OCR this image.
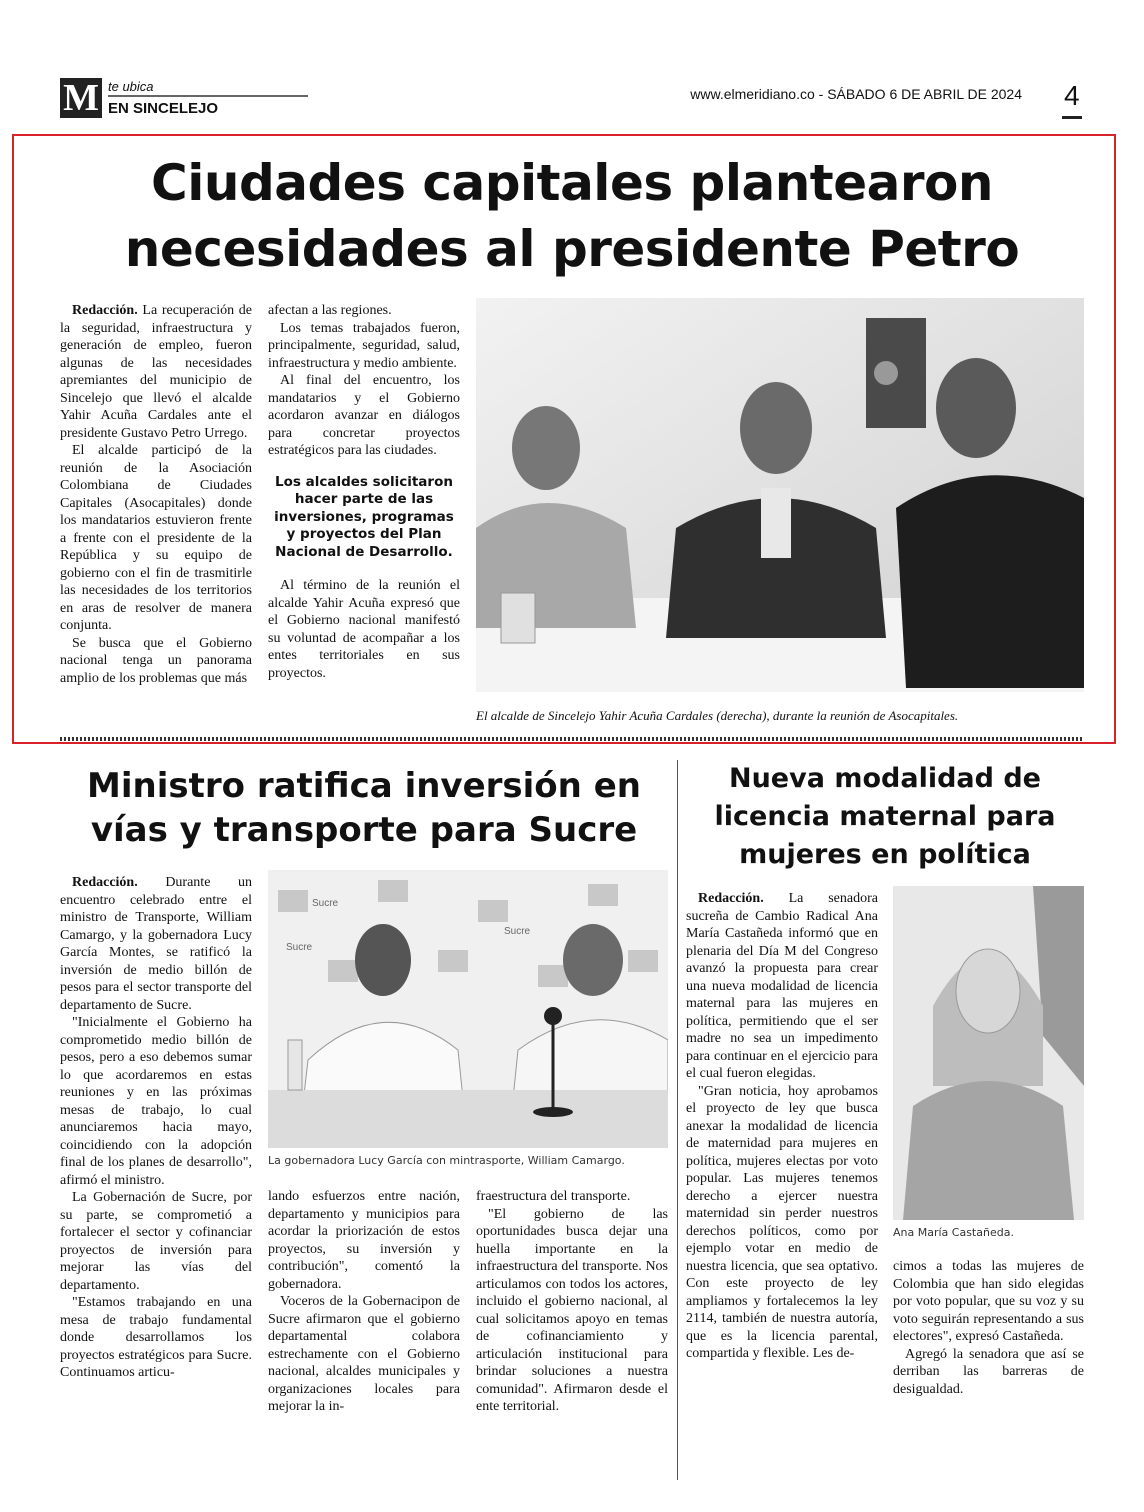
M te ubica
EN SINCELEJO
www.elmeridiano.co - SÁBADO 6 DE ABRIL DE 2024 4
Ciudades capitales plantearon
necesidades al presidente Petro

Redacción. La recuperación de la seguridad, infraestructura y generación de empleo, fueron algunas de las necesidades apremiantes del municipio de Sincelejo que llevó el alcalde Yahir Acuña Cardales ante el presidente Gustavo Petro Urrego.

El alcalde participó de la reunión de la Asociación Colombiana de Ciudades Capitales (Asocapitales) donde los mandatarios estuvieron frente a frente con el presidente de la República y su equipo de gobierno con el fin de trasmitirle las necesidades de los territorios en aras de resolver de manera conjunta.

Se busca que el Gobierno nacional tenga un panorama amplio de los problemas que más

afectan a las regiones.

Los temas trabajados fueron, principalmente, seguridad, salud, infraestructura y medio ambiente.

Al final del encuentro, los mandatarios y el Gobierno acordaron avanzar en diálogos para concretar proyectos estratégicos para las ciudades.

Los alcaldes solicitaron hacer parte de las inversiones, programas y proyectos del Plan Nacional de Desarrollo.

Al término de la reunión el alcalde Yahir Acuña expresó que el Gobierno nacional manifestó su voluntad de acompañar a los entes territoriales en sus proyectos.

El alcalde de Sincelejo Yahir Acuña Cardales (derecha), durante la reunión de Asocapitales.
Ministro ratifica inversión en
vías y transporte para Sucre

Redacción. Durante un encuentro celebrado entre el ministro de Transporte, William Camargo, y la gobernadora Lucy García Montes, se ratificó la inversión de medio billón de pesos para el sector transporte del departamento de Sucre.

"Inicialmente el Gobierno ha comprometido medio billón de pesos, pero a eso debemos sumar lo que acordaremos en estas reuniones y en las próximas mesas de trabajo, lo cual anunciaremos hacia mayo, coincidiendo con la adopción final de los planes de desarrollo", afirmó el ministro.

La Gobernación de Sucre, por su parte, se comprometió a fortalecer el sector y cofinanciar proyectos de inversión para mejorar las vías del departamento.

"Estamos trabajando en una mesa de trabajo fundamental donde desarrollamos los proyectos estratégicos para Sucre. Continuamos articu-

Sucre
Sucre
Sucre
La gobernadora Lucy García con mintrasporte, William Camargo.

lando esfuerzos entre nación, departamento y municipios para acordar la priorización de estos proyectos, su inversión y contribución", comentó la gobernadora.

Voceros de la Gobernacipon de Sucre afirmaron que el gobierno departamental colabora estrechamente con el Gobierno nacional, alcaldes municipales y organizaciones locales para mejorar la in-

fraestructura del transporte.

"El gobierno de las oportunidades busca dejar una huella importante en la infraestructura del transporte. Nos articulamos con todos los actores, incluido el gobierno nacional, al cual solicitamos apoyo en temas de cofinanciamiento y articulación institucional para brindar soluciones a nuestra comunidad". Afirmaron desde el ente territorial.

Nueva modalidad de
licencia maternal para
mujeres en política

Redacción. La senadora sucreña de Cambio Radical Ana María Castañeda informó que en plenaria del Día M del Congreso avanzó la propuesta para crear una nueva modalidad de licencia maternal para las mujeres en política, permitiendo que el ser madre no sea un impedimento para continuar en el ejercicio para el cual fueron elegidas.

"Gran noticia, hoy aprobamos el proyecto de ley que busca anexar la modalidad de licencia de maternidad para mujeres en política, mujeres electas por voto popular. Las mujeres tenemos derecho a ejercer nuestra maternidad sin perder nuestros derechos políticos, como por ejemplo votar en medio de nuestra licencia, que sea optativo. Con este proyecto de ley ampliamos y fortalecemos la ley 2114, también de nuestra autoría, que es la licencia parental, compartida y flexible. Les de-

Ana María Castañeda.

cimos a todas las mujeres de Colombia que han sido elegidas por voto popular, que su voz y su voto seguirán representando a sus electores", expresó Castañeda.

Agregó la senadora que así se derriban las barreras de desigualdad.
